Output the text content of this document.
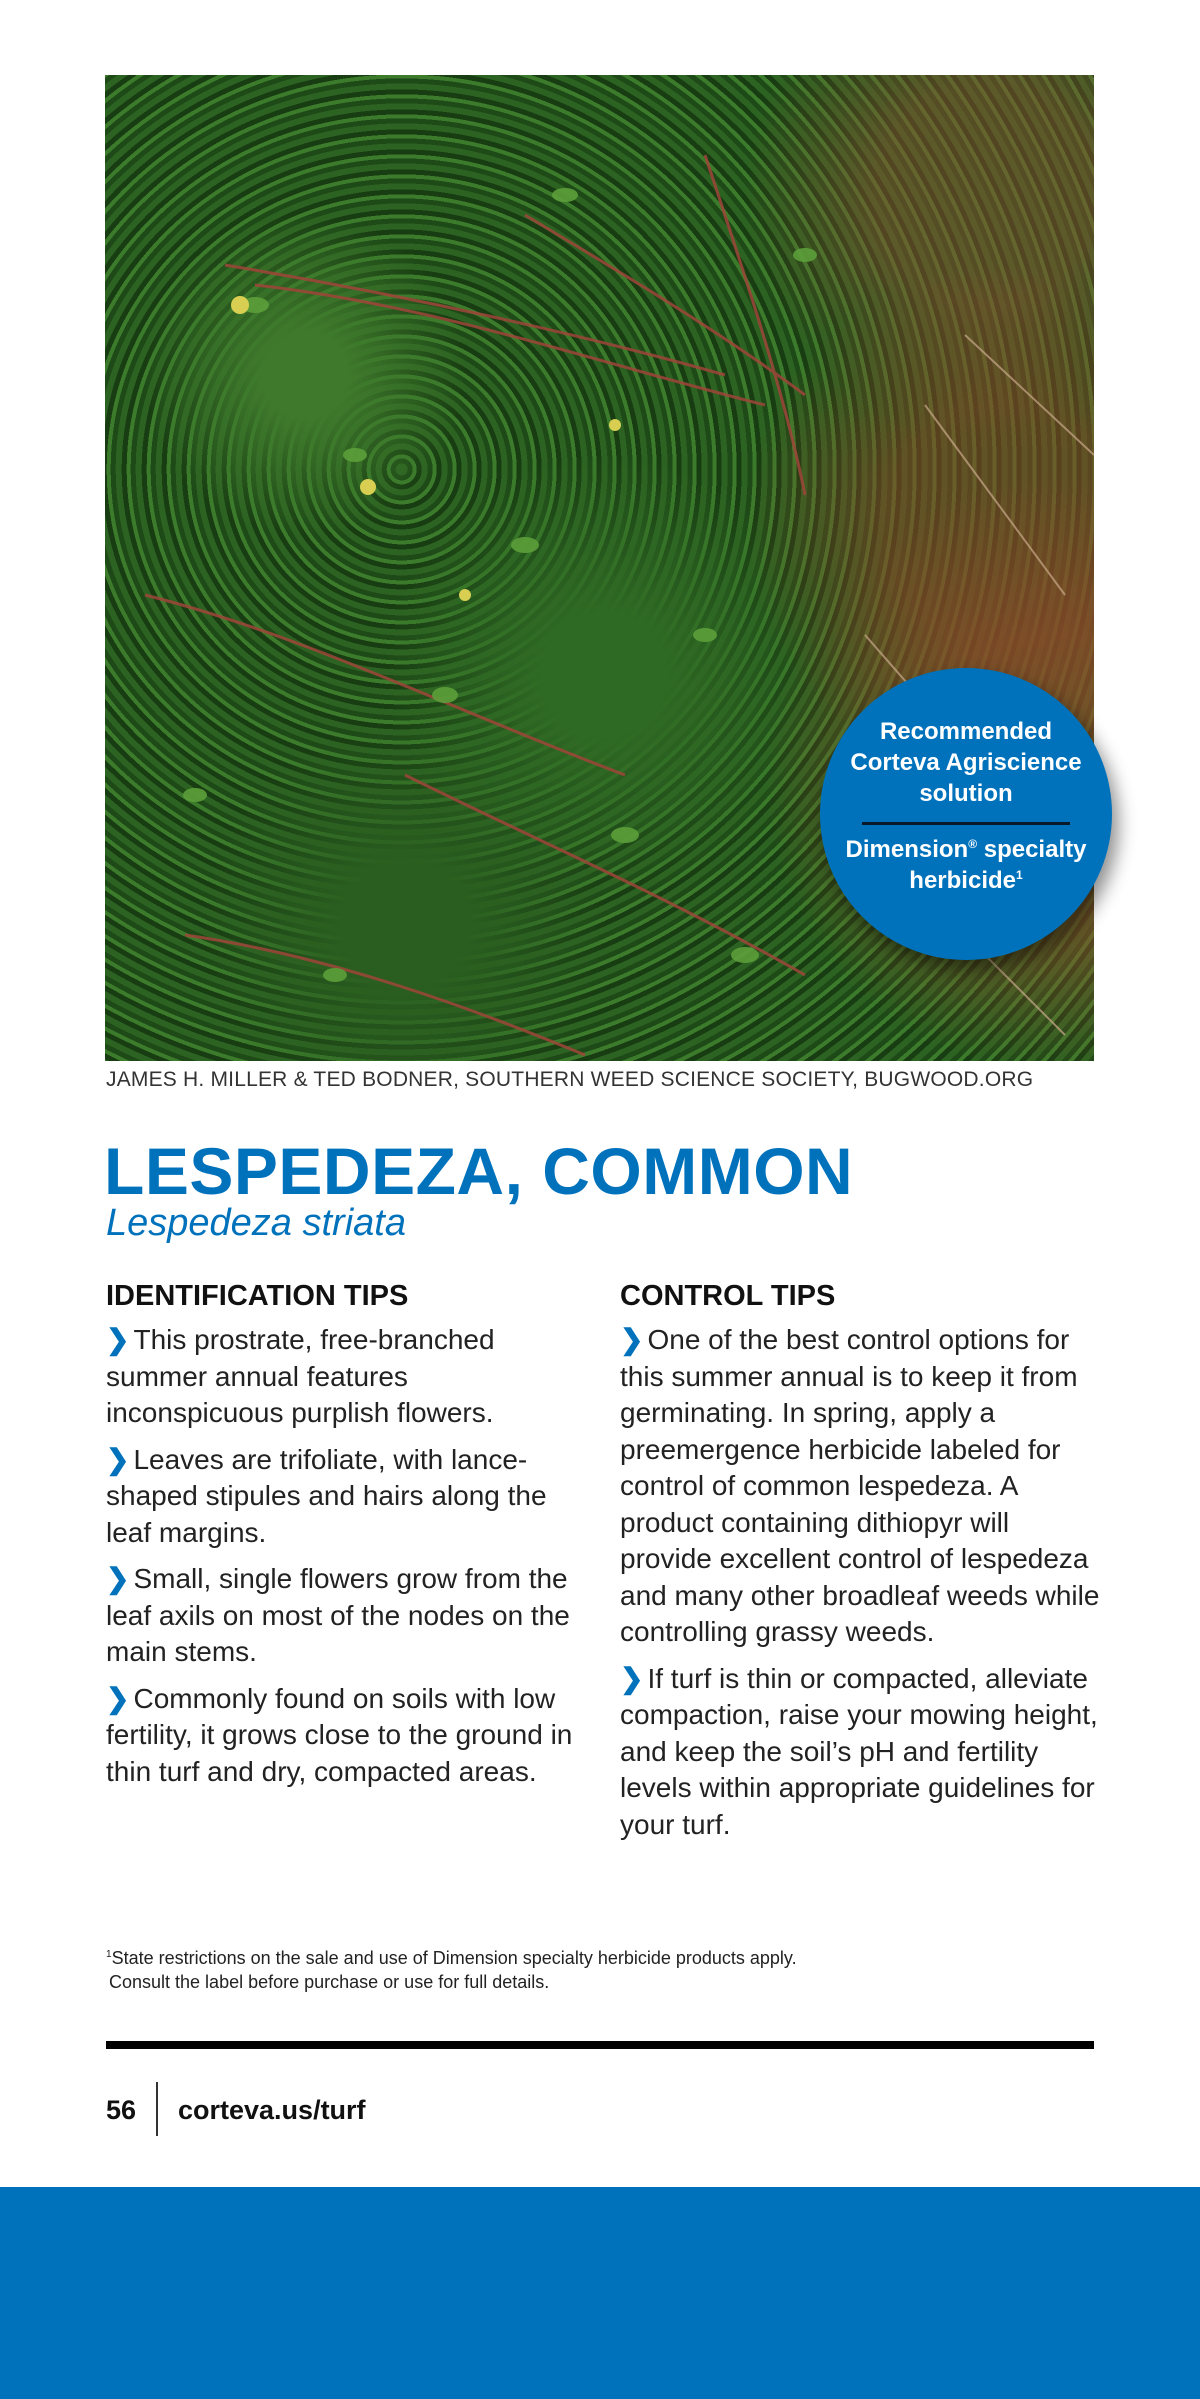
Recommended
Corteva Agriscience
solution
Dimension® specialty
herbicide$^1$
JAMES H. MILLER & TED BODNER, SOUTHERN WEED SCIENCE SOCIETY, BUGWOOD.ORG
LESPEDEZA, COMMON

Lespedeza striata

IDENTIFICATION TIPS

❯ This prostrate, free-branched summer annual features inconspicuous purplish flowers.

❯ Leaves are trifoliate, with lance-shaped stipules and hairs along the leaf margins.

❯ Small, single flowers grow from the leaf axils on most of the nodes on the main stems.

❯ Commonly found on soils with low fertility, it grows close to the ground in thin turf and dry, compacted areas.

CONTROL TIPS

❯ One of the best control options for this summer annual is to keep it from germinating. In spring, apply a preemergence herbicide labeled for control of common lespedeza. A product containing dithiopyr will provide excellent control of lespedeza and many other broadleaf weeds while controlling grassy weeds.

❯ If turf is thin or compacted, alleviate compaction, raise your mowing height, and keep the soil’s pH and fertility levels within appropriate guidelines for your turf.

$^1$State restrictions on the sale and use of Dimension specialty herbicide products apply.
Consult the label before purchase or use for full details.
56 corteva.us/turf
